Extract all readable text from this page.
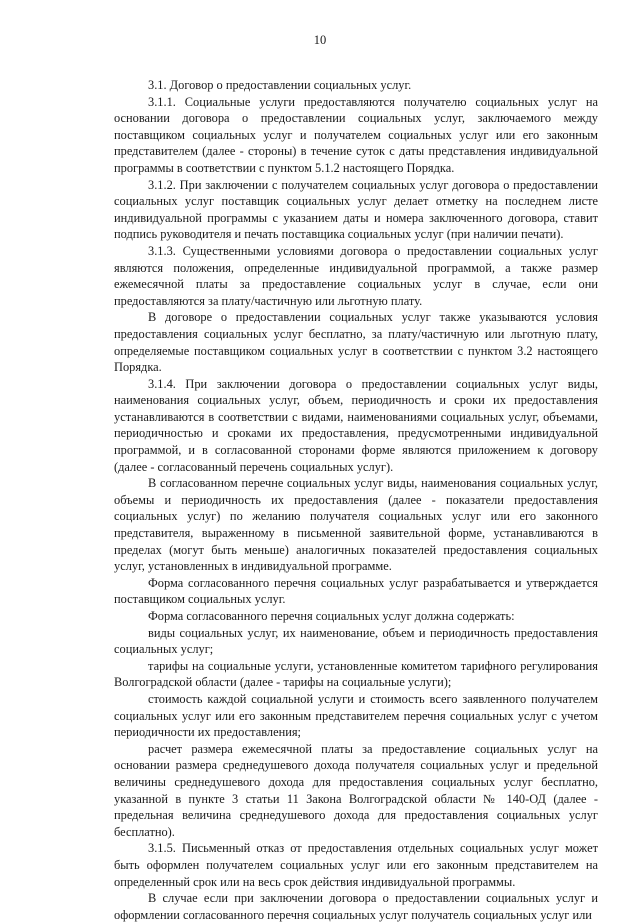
10

3.1. Договор о предоставлении социальных услуг.

3.1.1. Социальные услуги предоставляются получателю социальных услуг на основании договора о предоставлении социальных услуг, заключаемого между поставщиком социальных услуг и получателем социальных услуг или его законным представителем (далее - стороны) в течение суток с даты представления индивидуальной программы в соответствии с пунктом 5.1.2 настоящего Порядка.

3.1.2. При заключении с получателем социальных услуг договора о предоставлении социальных услуг поставщик социальных услуг делает отметку на последнем листе индивидуальной программы с указанием даты и номера заключенного договора, ставит подпись руководителя и печать поставщика социальных услуг (при наличии печати).

3.1.3. Существенными условиями договора о предоставлении социальных услуг являются положения, определенные индивидуальной программой, а также размер ежемесячной платы за предоставление социальных услуг в случае, если они предоставляются за плату/частичную или льготную плату.

В договоре о предоставлении социальных услуг также указываются условия предоставления социальных услуг бесплатно, за плату/частичную или льготную плату, определяемые поставщиком социальных услуг в соответствии с пунктом 3.2 настоящего Порядка.

3.1.4. При заключении договора о предоставлении социальных услуг виды, наименования социальных услуг, объем, периодичность и сроки их предоставления устанавливаются в соответствии с видами, наименованиями социальных услуг, объемами, периодичностью и сроками их предоставления, предусмотренными индивидуальной программой, и в согласованной сторонами форме являются приложением к договору (далее - согласованный перечень социальных услуг).

В согласованном перечне социальных услуг виды, наименования социальных услуг, объемы и периодичность их предоставления (далее - показатели предоставления социальных услуг) по желанию получателя социальных услуг или его законного представителя, выраженному в письменной заявительной форме, устанавливаются в пределах (могут быть меньше) аналогичных показателей предоставления социальных услуг, установленных в индивидуальной программе.

Форма согласованного перечня социальных услуг разрабатывается и утверждается поставщиком социальных услуг.

Форма согласованного перечня социальных услуг должна содержать:

виды социальных услуг, их наименование, объем и периодичность предоставления социальных услуг;

тарифы на социальные услуги, установленные комитетом тарифного регулирования Волгоградской области (далее - тарифы на социальные услуги);

стоимость каждой социальной услуги и стоимость всего заявленного получателем социальных услуг или его законным представителем перечня социальных услуг с учетом периодичности их предоставления;

расчет размера ежемесячной платы за предоставление социальных услуг на основании размера среднедушевого дохода получателя социальных услуг и предельной величины среднедушевого дохода для предоставления социальных услуг бесплатно, указанной в пункте 3 статьи 11 Закона Волгоградской области № 140-ОД (далее - предельная величина среднедушевого дохода для предоставления социальных услуг бесплатно).

3.1.5. Письменный отказ от предоставления отдельных социальных услуг может быть оформлен получателем социальных услуг или его законным представителем на определенный срок или на весь срок действия индивидуальной программы.

В случае если при заключении договора о предоставлении социальных услуг и оформлении согласованного перечня социальных услуг получатель социальных услуг или
